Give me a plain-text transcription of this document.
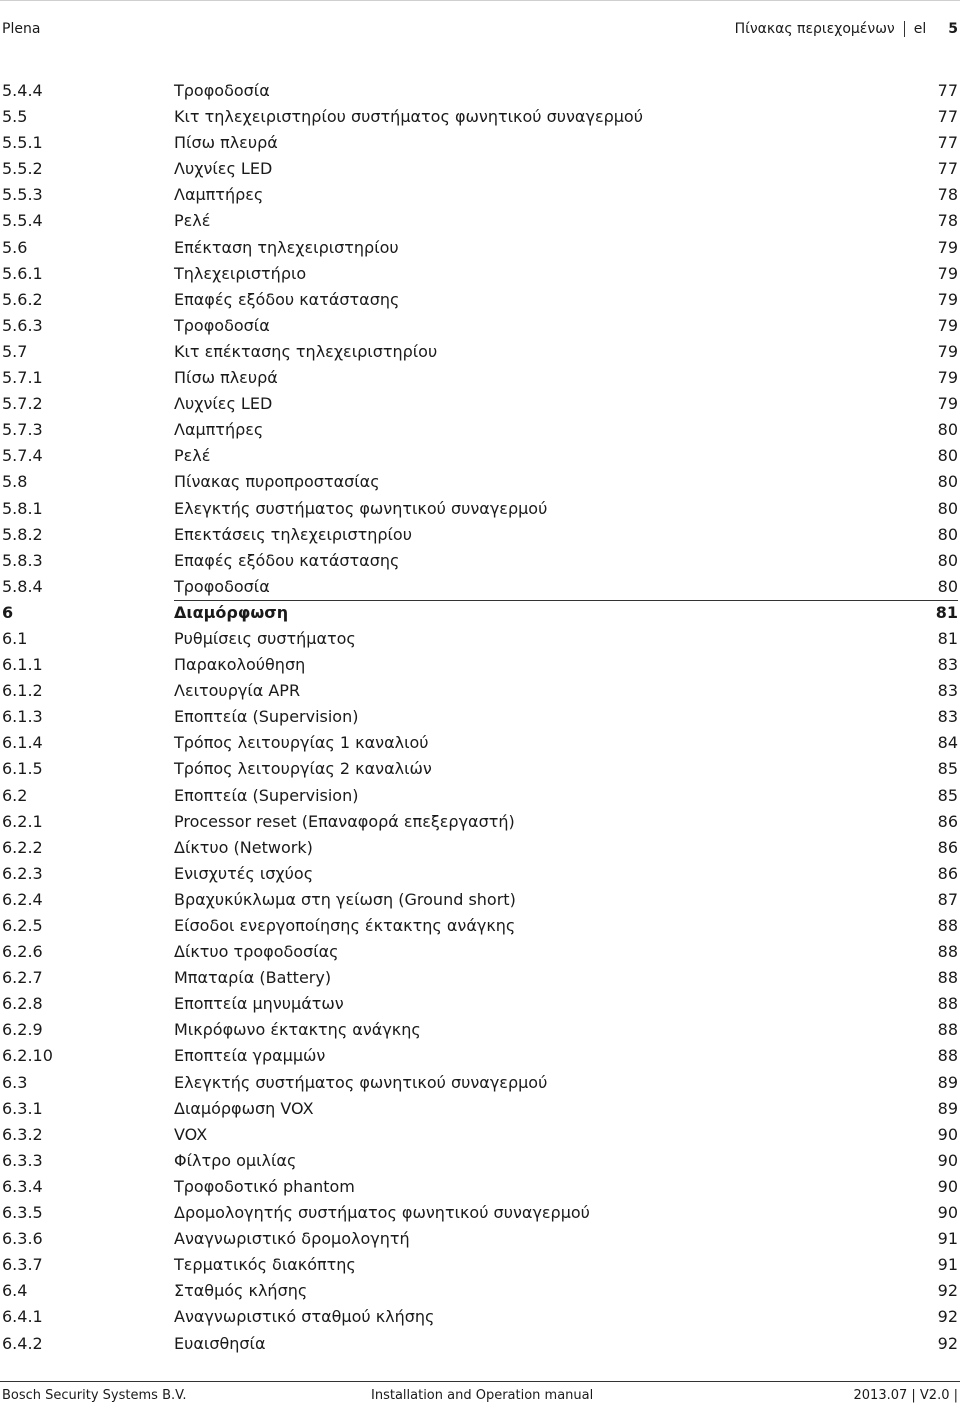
Plena	Πίνακας περιεχομένων el 5
5.4.4	Τροφοδοσία	77
5.5	Κιτ τηλεχειριστηρίου συστήματος φωνητικού συναγερμού	77
5.5.1	Πίσω πλευρά	77
5.5.2	Λυχνίες LED	77
5.5.3	Λαμπτήρες	78
5.5.4	Ρελέ	78
5.6	Επέκταση τηλεχειριστηρίου	79
5.6.1	Τηλεχειριστήριο	79
5.6.2	Επαφές εξόδου κατάστασης	79
5.6.3	Τροφοδοσία	79
5.7	Κιτ επέκτασης τηλεχειριστηρίου	79
5.7.1	Πίσω πλευρά	79
5.7.2	Λυχνίες LED	79
5.7.3	Λαμπτήρες	80
5.7.4	Ρελέ	80
5.8	Πίνακας πυροπροστασίας	80
5.8.1	Ελεγκτής συστήματος φωνητικού συναγερμού	80
5.8.2	Επεκτάσεις τηλεχειριστηρίου	80
5.8.3	Επαφές εξόδου κατάστασης	80
5.8.4	Τροφοδοσία	80
6	Διαμόρφωση	81
6.1	Ρυθμίσεις συστήματος	81
6.1.1	Παρακολούθηση	83
6.1.2	Λειτουργία APR	83
6.1.3	Εποπτεία (Supervision)	83
6.1.4	Τρόπος λειτουργίας 1 καναλιού	84
6.1.5	Τρόπος λειτουργίας 2 καναλιών	85
6.2	Εποπτεία (Supervision)	85
6.2.1	Processor reset (Επαναφορά επεξεργαστή)	86
6.2.2	Δίκτυο (Network)	86
6.2.3	Ενισχυτές ισχύος	86
6.2.4	Βραχυκύκλωμα στη γείωση (Ground short)	87
6.2.5	Είσοδοι ενεργοποίησης έκτακτης ανάγκης	88
6.2.6	Δίκτυο τροφοδοσίας	88
6.2.7	Μπαταρία (Battery)	88
6.2.8	Εποπτεία μηνυμάτων	88
6.2.9	Μικρόφωνο έκτακτης ανάγκης	88
6.2.10	Εποπτεία γραμμών	88
6.3	Ελεγκτής συστήματος φωνητικού συναγερμού	89
6.3.1	Διαμόρφωση VOX	89
6.3.2	VOX	90
6.3.3	Φίλτρο ομιλίας	90
6.3.4	Τροφοδοτικό phantom	90
6.3.5	Δρομολογητής συστήματος φωνητικού συναγερμού	90
6.3.6	Αναγνωριστικό δρομολογητή	91
6.3.7	Τερματικός διακόπτης	91
6.4	Σταθμός κλήσης	92
6.4.1	Αναγνωριστικό σταθμού κλήσης	92
6.4.2	Ευαισθησία	92
Bosch Security Systems B.V.	Installation and Operation manual	2013.07 | V2.0 |
